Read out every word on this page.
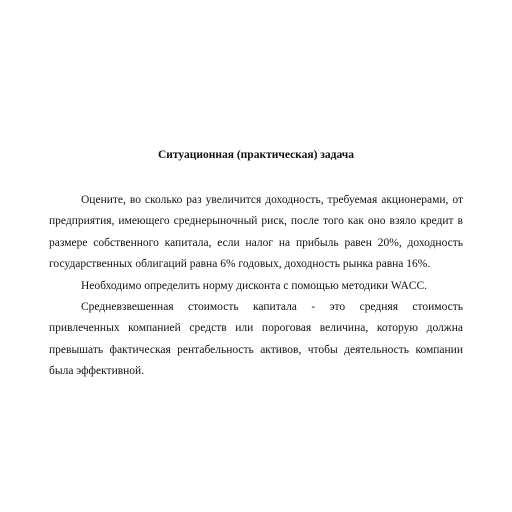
Ситуационная (практическая) задача

Оцените, во сколько раз увеличится доходность, требуемая акционерами, от предприятия, имеющего среднерыночный риск, после того как оно взяло кредит в размере собственного капитала, если налог на прибыль равен 20%, доходность государственных облигаций равна 6% годовых, доходность рынка равна 16%.

Необходимо определить норму дисконта с помощью методики WACC.

Средневзвешенная стоимость капитала - это средняя стоимость привлеченных компанией средств или пороговая величина, которую должна превышать фактическая рентабельность активов, чтобы деятельность компании была эффективной.
